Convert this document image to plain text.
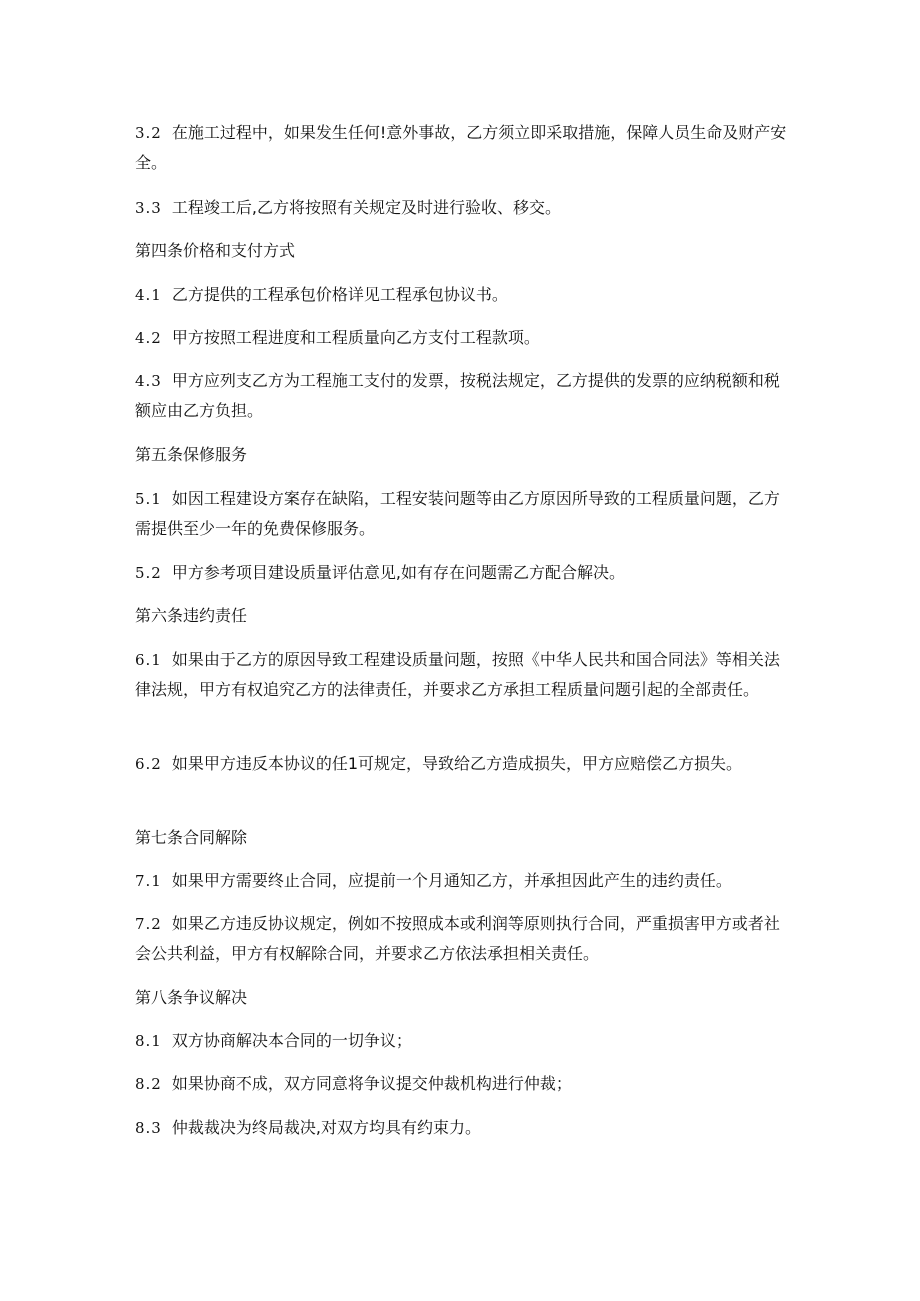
3.2 在施工过程中，如果发生任何!意外事故，乙方须立即采取措施，保障人员生命及财产安全。

3.3 工程竣工后,乙方将按照有关规定及时进行验收、移交。

第四条价格和支付方式

4.1 乙方提供的工程承包价格详见工程承包协议书。

4.2 甲方按照工程进度和工程质量向乙方支付工程款项。

4.3 甲方应列支乙方为工程施工支付的发票，按税法规定，乙方提供的发票的应纳税额和税额应由乙方负担。

第五条保修服务

5.1 如因工程建设方案存在缺陷，工程安装问题等由乙方原因所导致的工程质量问题，乙方需提供至少一年的免费保修服务。

5.2 甲方参考项目建设质量评估意见,如有存在问题需乙方配合解决。

第六条违约责任

6.1 如果由于乙方的原因导致工程建设质量问题，按照《中华人民共和国合同法》等相关法律法规，甲方有权追究乙方的法律责任，并要求乙方承担工程质量问题引起的全部责任。

6.2 如果甲方违反本协议的任1可规定，导致给乙方造成损失，甲方应赔偿乙方损失。

第七条合同解除

7.1 如果甲方需要终止合同，应提前一个月通知乙方，并承担因此产生的违约责任。

7.2 如果乙方违反协议规定，例如不按照成本或利润等原则执行合同，严重损害甲方或者社会公共利益，甲方有权解除合同，并要求乙方依法承担相关责任。

第八条争议解决

8.1 双方协商解决本合同的一切争议；

8.2 如果协商不成，双方同意将争议提交仲裁机构进行仲裁；

8.3 仲裁裁决为终局裁决,对双方均具有约束力。
